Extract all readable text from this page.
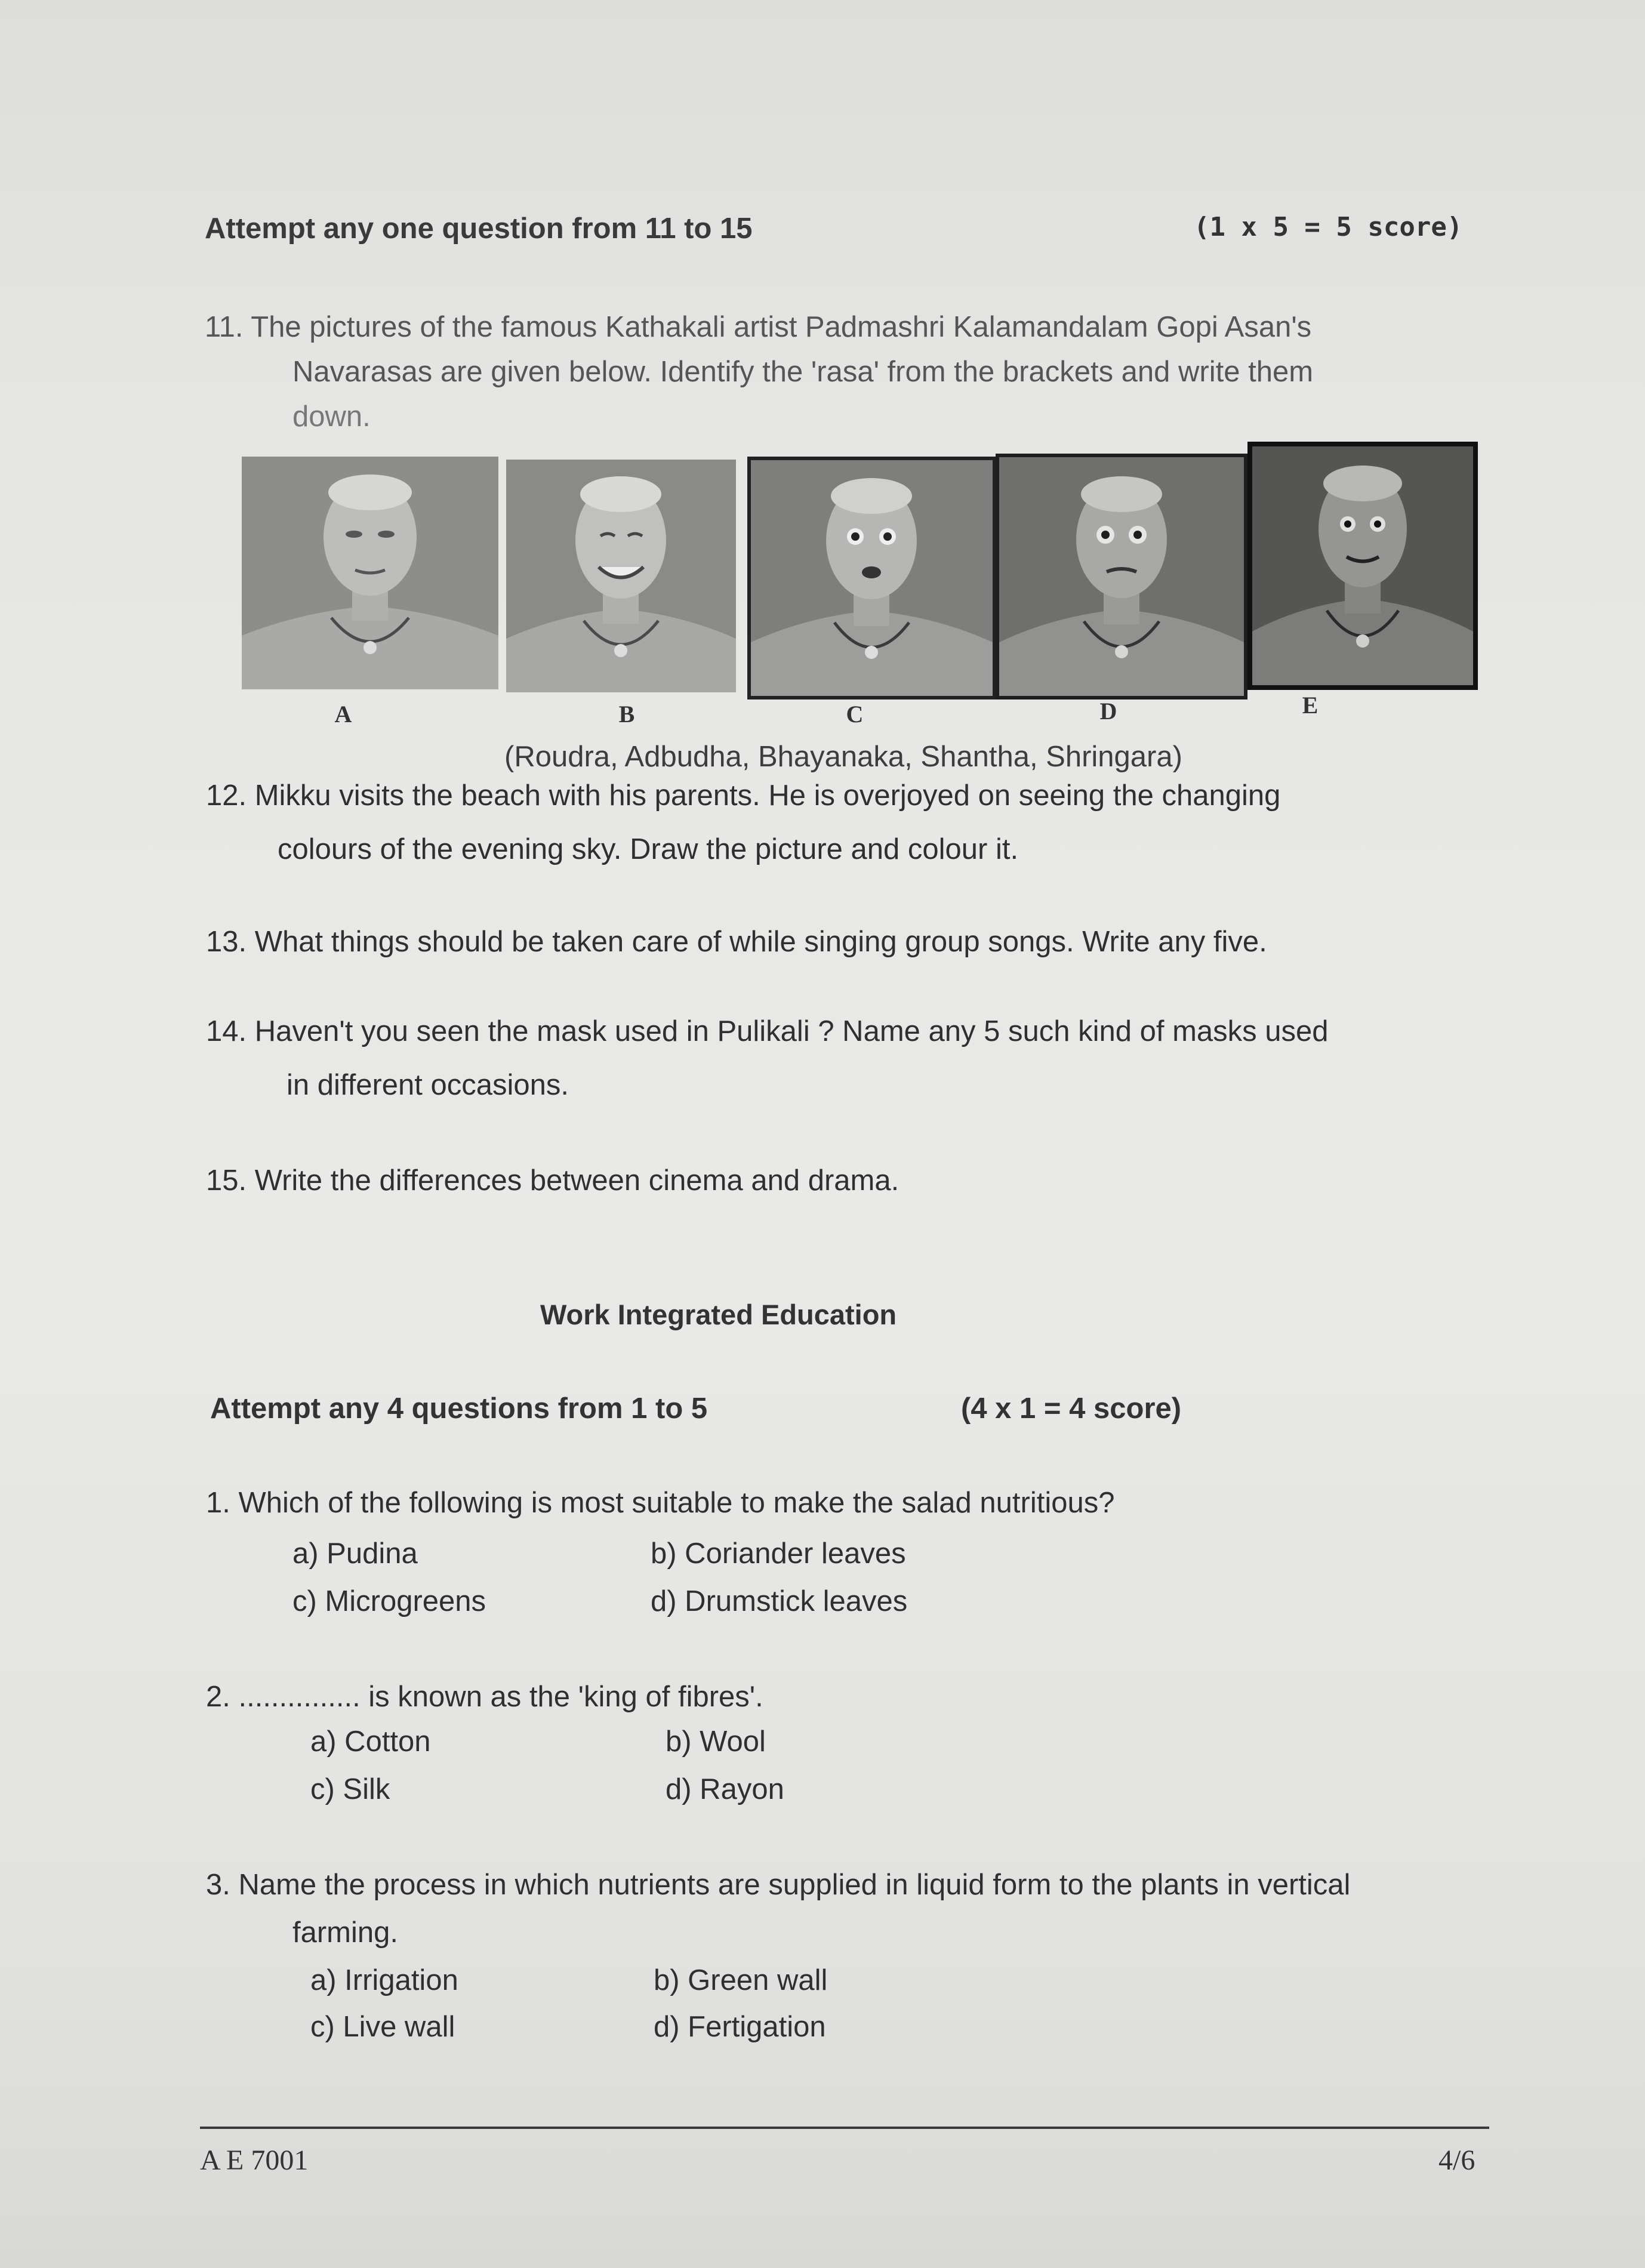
Attempt any one question from 11 to 15	(1 x 5 = 5 score)
11. The pictures of the famous Kathakali artist Padmashri Kalamandalam Gopi Asan's
Navarasas are given below. Identify the 'rasa' from the brackets and write them
down.
A	B	C	D	E
(Roudra, Adbudha, Bhayanaka, Shantha, Shringara)
12. Mikku visits the beach with his parents. He is overjoyed on seeing the changing
colours of the evening sky. Draw the picture and colour it.
13. What things should be taken care of while singing group songs. Write any five.
14. Haven't you seen the mask used in Pulikali ? Name any 5 such kind of masks used
in different occasions.
15. Write the differences between cinema and drama.
Work Integrated Education
Attempt any 4 questions from 1 to 5	(4 x 1 = 4 score)
1. Which of the following is most suitable to make the salad nutritious?
a) Pudina	b) Coriander leaves
c) Microgreens	d) Drumstick leaves
2. ............... is known as the 'king of fibres'.
a) Cotton	b) Wool
c) Silk	d) Rayon
3. Name the process in which nutrients are supplied in liquid form to the plants in vertical
farming.
a) Irrigation	b) Green wall
c) Live wall	d) Fertigation
A E 7001	4/6
